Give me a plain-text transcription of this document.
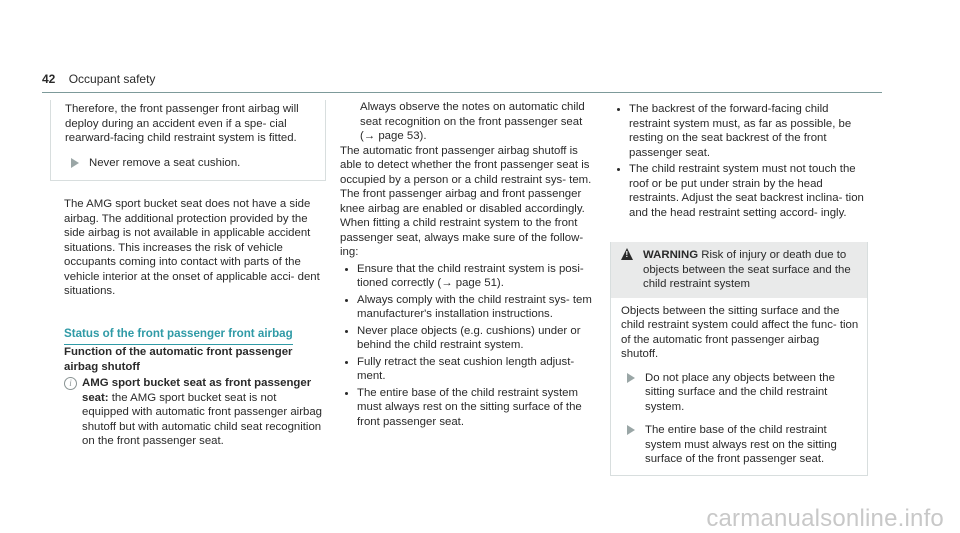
42 Occupant safety

Therefore, the front passenger front airbag will deploy during an accident even if a spe- cial rearward-facing child restraint system is fitted.

Never remove a seat cushion.

The AMG sport bucket seat does not have a side airbag. The additional protection provided by the side airbag is not available in applicable accident situations. This increases the risk of vehicle occupants coming into contact with parts of the vehicle interior at the onset of applicable acci- dent situations.

Status of the front passenger front airbag

Function of the automatic front passenger airbag shutoff

i AMG sport bucket seat as front passenger seat: the AMG sport bucket seat is not equipped with automatic front passenger airbag shutoff but with automatic child seat recognition on the front passenger seat.

Always observe the notes on automatic child seat recognition on the front passenger seat (→ page 53).

The automatic front passenger airbag shutoff is able to detect whether the front passenger seat is occupied by a person or a child restraint sys- tem. The front passenger airbag and front passenger knee airbag are enabled or disabled accordingly.

When fitting a child restraint system to the front passenger seat, always make sure of the follow- ing:

Ensure that the child restraint system is posi- tioned correctly (→ page 51).
Always comply with the child restraint sys- tem manufacturer's installation instructions.
Never place objects (e.g. cushions) under or behind the child restraint system.
Fully retract the seat cushion length adjust- ment.
The entire base of the child restraint system must always rest on the sitting surface of the front passenger seat.
The backrest of the forward-facing child restraint system must, as far as possible, be resting on the seat backrest of the front passenger seat.
The child restraint system must not touch the roof or be put under strain by the head restraints. Adjust the seat backrest inclina- tion and the head restraint setting accord- ingly.
! WARNING Risk of injury or death due to objects between the seat surface and the child restraint system

Objects between the sitting surface and the child restraint system could affect the func- tion of the automatic front passenger airbag shutoff.

Do not place any objects between the sitting surface and the child restraint system.
The entire base of the child restraint system must always rest on the sitting surface of the front passenger seat.
carmanualsonline.info
